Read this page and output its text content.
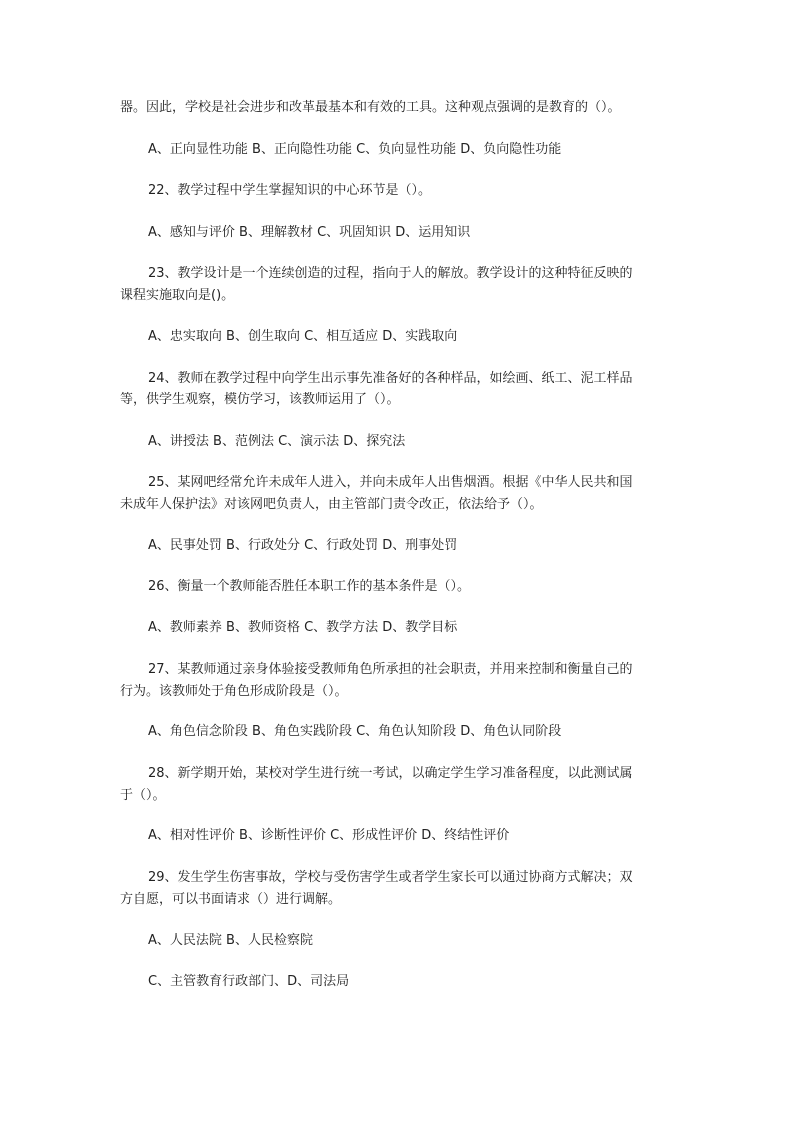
器。因此，学校是社会进步和改革最基本和有效的工具。这种观点强调的是教育的（）。
A、正向显性功能 B、正向隐性功能 C、负向显性功能 D、负向隐性功能
22、教学过程中学生掌握知识的中心环节是（）。
A、感知与评价 B、理解教材 C、巩固知识 D、运用知识
23、教学设计是一个连续创造的过程，指向于人的解放。教学设计的这种特征反映的
课程实施取向是()。
A、忠实取向 B、创生取向 C、相互适应 D、实践取向
24、教师在教学过程中向学生出示事先准备好的各种样品，如绘画、纸工、泥工样品
等，供学生观察，模仿学习，该教师运用了（）。
A、讲授法 B、范例法 C、演示法 D、探究法
25、某网吧经常允许未成年人进入，并向未成年人出售烟酒。根据《中华人民共和国
未成年人保护法》对该网吧负责人，由主管部门责令改正，依法给予（）。
A、民事处罚 B、行政处分 C、行政处罚 D、刑事处罚
26、衡量一个教师能否胜任本职工作的基本条件是（）。
A、教师素养 B、教师资格 C、教学方法 D、教学目标
27、某教师通过亲身体验接受教师角色所承担的社会职责，并用来控制和衡量自己的
行为。该教师处于角色形成阶段是（）。
A、角色信念阶段 B、角色实践阶段 C、角色认知阶段 D、角色认同阶段
28、新学期开始，某校对学生进行统一考试，以确定学生学习准备程度，以此测试属
于（）。
A、相对性评价 B、诊断性评价 C、形成性评价 D、终结性评价
29、发生学生伤害事故，学校与受伤害学生或者学生家长可以通过协商方式解决；双
方自愿，可以书面请求（）进行调解。
A、人民法院 B、人民检察院
C、主管教育行政部门、D、司法局
